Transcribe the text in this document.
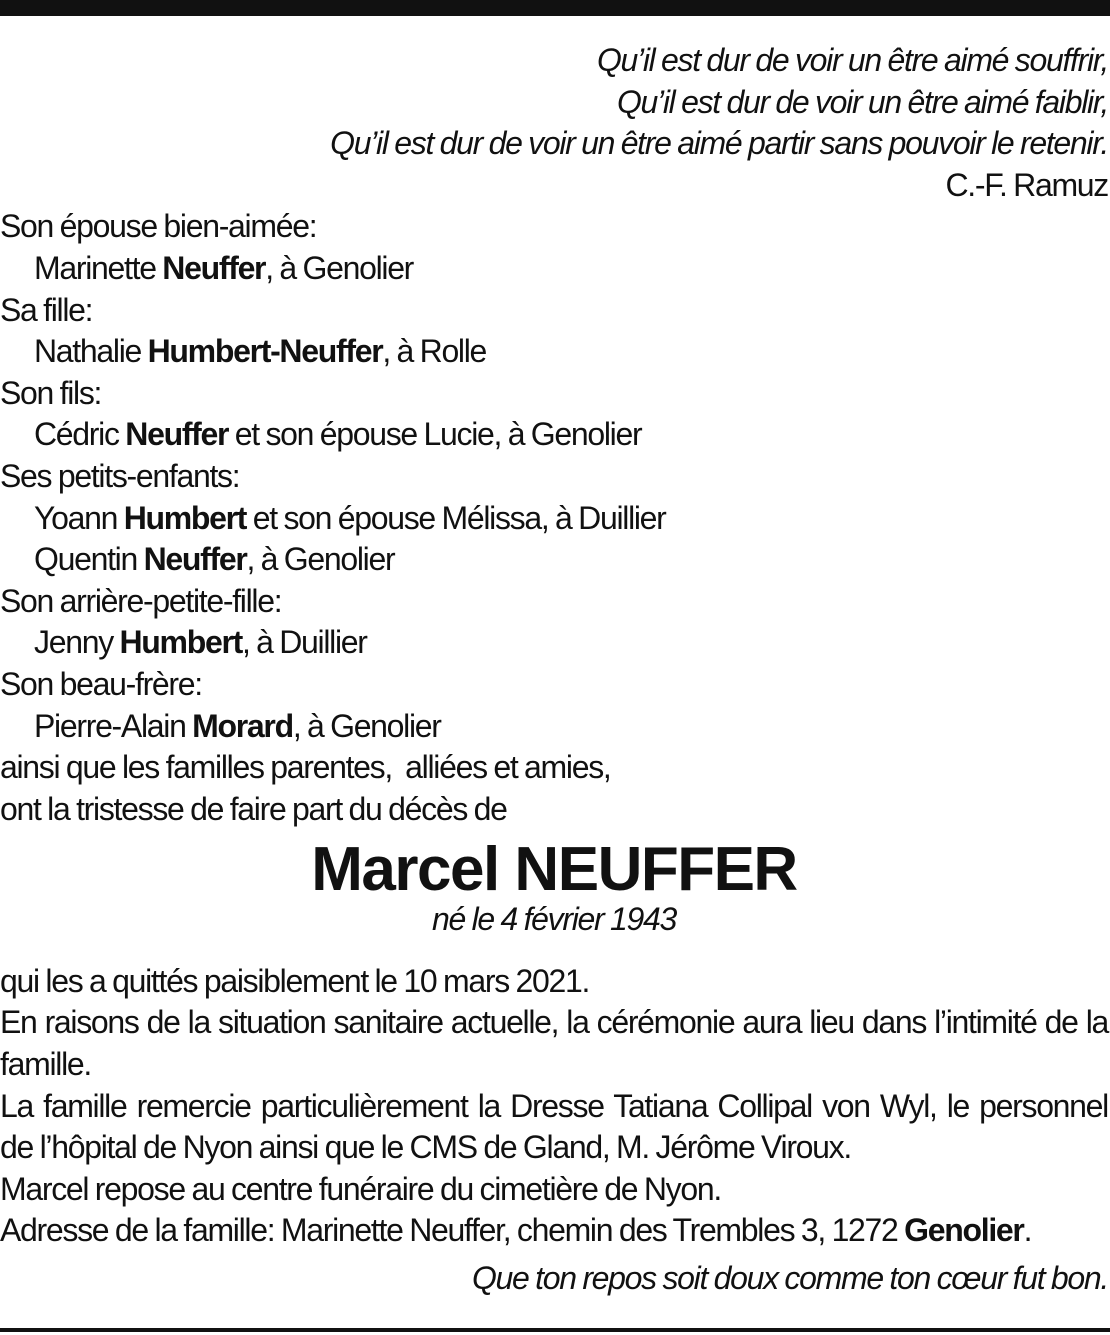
Qu’il est dur de voir un être aimé souffrir,
Qu’il est dur de voir un être aimé faiblir,
Qu’il est dur de voir un être aimé partir sans pouvoir le retenir.
C.-F. Ramuz
Son épouse bien-aimée:
Marinette Neuffer, à Genolier
Sa fille:
Nathalie Humbert-Neuffer, à Rolle
Son fils:
Cédric Neuffer et son épouse Lucie, à Genolier
Ses petits-enfants:
Yoann Humbert et son épouse Mélissa, à Duillier
Quentin Neuffer, à Genolier
Son arrière-petite-fille:
Jenny Humbert, à Duillier
Son beau-frère:
Pierre-Alain Morard, à Genolier
ainsi que les familles parentes,  alliées et amies,
ont la tristesse de faire part du décès de
Marcel NEUFFER
né le 4 février 1943
qui les a quittés paisiblement le 10 mars 2021.
En raisons de la situation sanitaire actuelle, la cérémonie aura lieu dans l’intimité de la famille.
La famille remercie particulièrement la Dresse Tatiana Collipal von Wyl, le personnel de l’hôpital de Nyon ainsi que le CMS de Gland, M. Jérôme Viroux.
Marcel repose au centre funéraire du cimetière de Nyon.
Adresse de la famille: Marinette Neuffer, chemin des Trembles 3, 1272 Genolier.
Que ton repos soit doux comme ton cœur fut bon.
